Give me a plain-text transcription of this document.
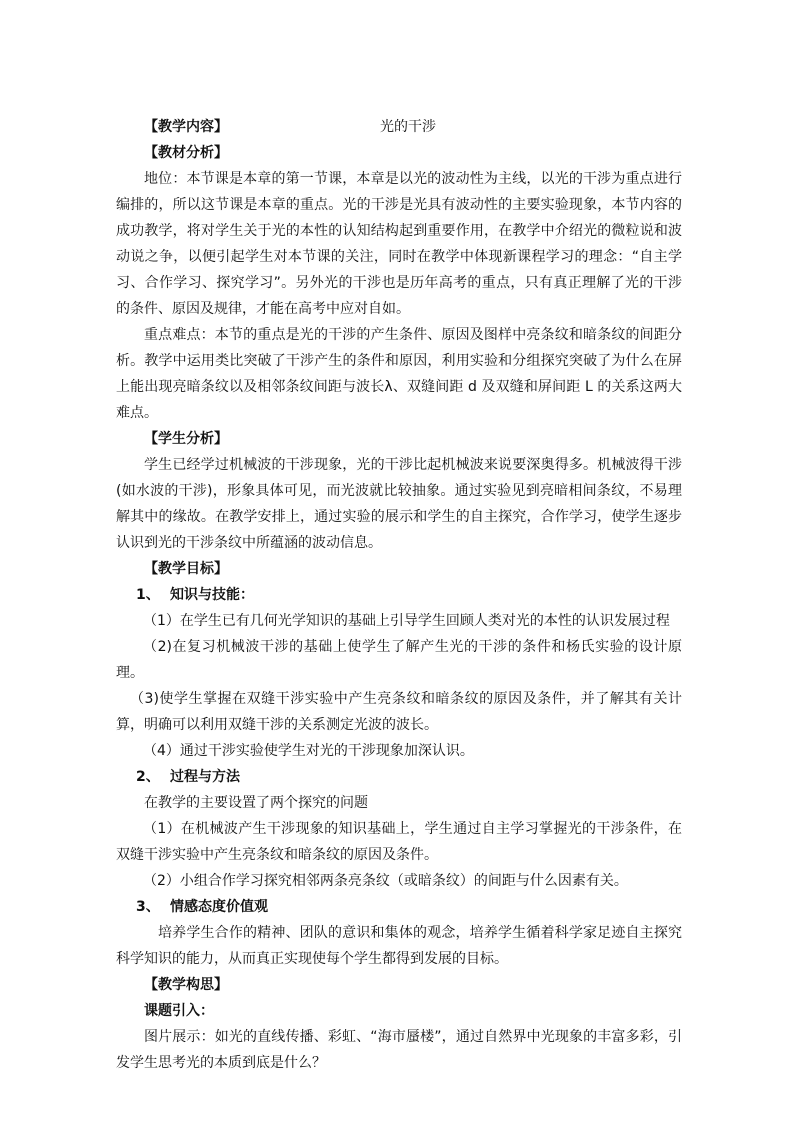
【教学内容】	光的干涉
【教材分析】

地位：本节课是本章的第一节课，本章是以光的波动性为主线，以光的干涉为重点进行编排的，所以这节课是本章的重点。光的干涉是光具有波动性的主要实验现象，本节内容的成功教学，将对学生关于光的本性的认知结构起到重要作用，在教学中介绍光的微粒说和波动说之争，以便引起学生对本节课的关注，同时在教学中体现新课程学习的理念：“自主学习、合作学习、探究学习”。另外光的干涉也是历年高考的重点，只有真正理解了光的干涉的条件、原因及规律，才能在高考中应对自如。

重点难点：本节的重点是光的干涉的产生条件、原因及图样中亮条纹和暗条纹的间距分析。教学中运用类比突破了干涉产生的条件和原因，利用实验和分组探究突破了为什么在屏上能出现亮暗条纹以及相邻条纹间距与波长λ、双缝间距 d 及双缝和屏间距 L 的关系这两大难点。

【学生分析】

学生已经学过机械波的干涉现象，光的干涉比起机械波来说要深奥得多。机械波得干涉(如水波的干涉)，形象具体可见，而光波就比较抽象。通过实验见到亮暗相间条纹，不易理解其中的缘故。在教学安排上，通过实验的展示和学生的自主探究，合作学习，使学生逐步认识到光的干涉条纹中所蕴涵的波动信息。

【教学目标】
1、 知识与技能：

（1）在学生已有几何光学知识的基础上引导学生回顾人类对光的本性的认识发展过程

（2)在复习机械波干涉的基础上使学生了解产生光的干涉的条件和杨氏实验的设计原理。

（3)使学生掌握在双缝干涉实验中产生亮条纹和暗条纹的原因及条件，并了解其有关计算，明确可以利用双缝干涉的关系测定光波的波长。

（4）通过干涉实验使学生对光的干涉现象加深认识。

2、 过程与方法

在教学的主要设置了两个探究的问题

（1）在机械波产生干涉现象的知识基础上，学生通过自主学习掌握光的干涉条件，在双缝干涉实验中产生亮条纹和暗条纹的原因及条件。

（2）小组合作学习探究相邻两条亮条纹（或暗条纹）的间距与什么因素有关。

3、 情感态度价值观

培养学生合作的精神、团队的意识和集体的观念，培养学生循着科学家足迹自主探究科学知识的能力，从而真正实现使每个学生都得到发展的目标。

【教学构思】
课题引入：

图片展示：如光的直线传播、彩虹、“海市蜃楼”，通过自然界中光现象的丰富多彩，引发学生思考光的本质到底是什么？
